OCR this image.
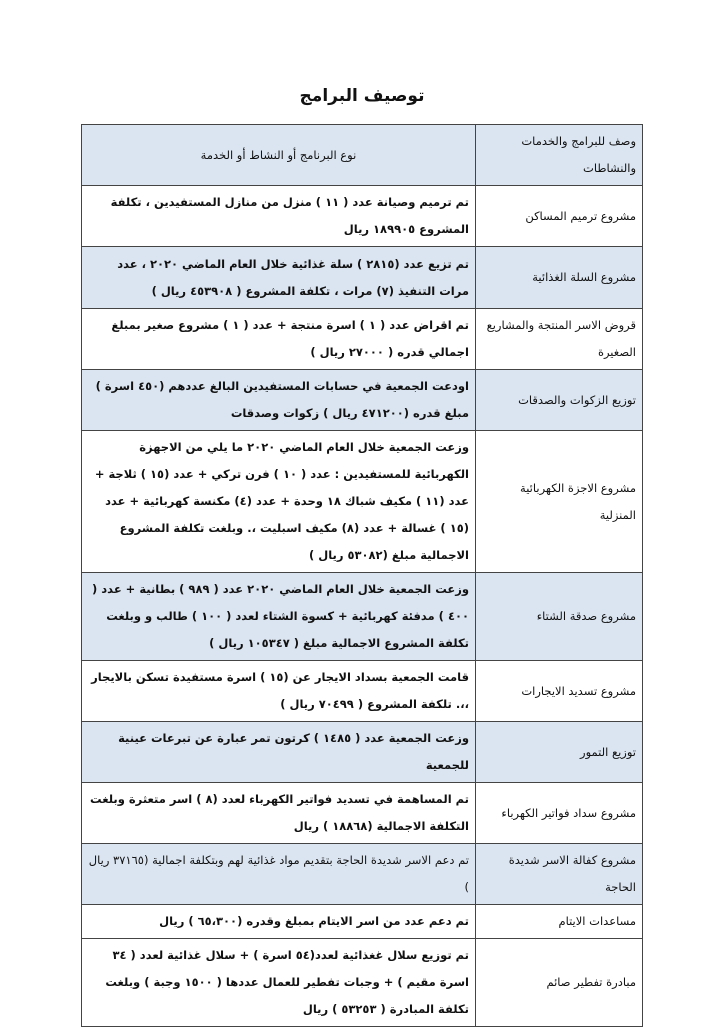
توصيف البرامج
وصف للبرامج والخدمات والنشاطات	نوع البرنامج أو النشاط أو الخدمة
مشروع ترميم المساكن	تم ترميم وصيانة عدد ( ١١ ) منزل من منازل المستفيدين ، تكلفة المشروع ١٨٩٩٠٥ ريال
مشروع السلة الغذائية	تم تزيع عدد (٢٨١٥ ) سلة غذائية خلال العام الماضي ٢٠٢٠ ، عدد مرات التنفيذ (٧) مرات ، تكلفة المشروع ( ٤٥٣٩٠٨ ريال )
قروض الاسر المنتجة والمشاريع الصغيرة	تم اقراض عدد ( ١ ) اسرة منتجة + عدد ( ١ ) مشروع صغير بمبلغ اجمالي قدره ( ٢٧٠٠٠ ريال )
توزيع الزكوات والصدقات	اودعت الجمعية في حسابات المستفيدين البالغ عددهم (٤٥٠ اسرة ) مبلغ قدره (٤٧١٢٠٠ ريال ) زكوات وصدقات
مشروع الاجزة الكهربائية المنزلية	وزعت الجمعية خلال العام الماضي ٢٠٢٠ ما يلي من الاجهزة الكهربائية للمستفيدين : عدد ( ١٠ ) فرن تركي + عدد (١٥ ) ثلاجة + عدد (١١ ) مكيف شباك ١٨ وحدة + عدد (٤) مكنسة كهربائية + عدد (١٥ ) غسالة + عدد (٨) مكيف اسبليت ،. وبلغت تكلفة المشروع الاجمالية مبلغ (٥٣٠٨٢ ريال )
مشروع صدقة الشتاء	وزعت الجمعية خلال العام الماضي ٢٠٢٠ عدد ( ٩٨٩ ) بطانية + عدد ( ٤٠٠ ) مدفئة كهربائية + كسوة الشتاء لعدد ( ١٠٠ ) طالب و وبلغت تكلفة المشروع الاجمالية مبلغ ( ١٠٥٣٤٧ ريال )
مشروع تسديد الايجارات	قامت الجمعية بسداد الايجار عن (١٥ ) اسرة مستفيدة تسكن بالايجار ،،. تلكفة المشروع ( ٧٠٤٩٩ ريال )
توزيع التمور	وزعت الجمعية عدد ( ١٤٨٥ ) كرتون تمر عبارة عن تبرعات عينية للجمعية
مشروع سداد فواتير الكهرباء	تم المساهمة في تسديد فواتير الكهرباء لعدد (٨ ) اسر متعثرة وبلغت التكلفة الاجمالية (١٨٨٦٨ ) ريال
مشروع كفالة الاسر شديدة الحاجة	تم دعم الاسر شديدة الحاجة بتقديم مواد غذائية لهم وبتكلفة اجمالية (٣٧١٦٥ ريال )
مساعدات الايتام	تم دعم عدد من اسر الايتام بمبلغ وقدره (٦٥،٣٠٠ ) ريال
مبادرة تفطير صائم	تم توزيع سلال غغذائية لعدد(٥٤ اسرة ) + سلال غذائية لعدد ( ٣٤ اسرة مقيم ) + وجبات تفطير للعمال عددها ( ١٥٠٠ وجبة ) وبلغت تكلفة المبادرة ( ٥٣٢٥٣ ) ريال
